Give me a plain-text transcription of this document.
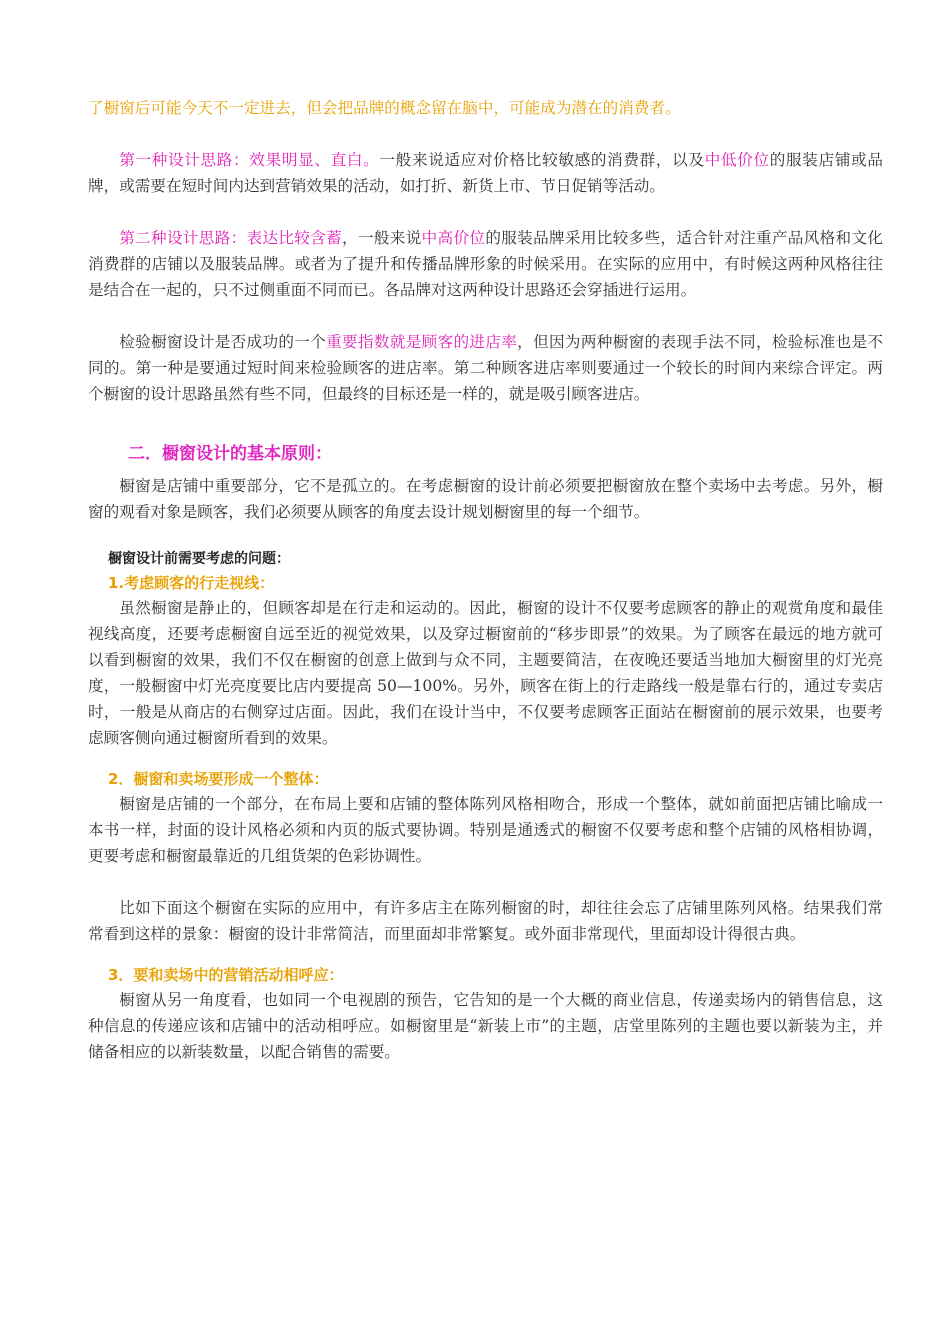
了橱窗后可能今天不一定进去，但会把品牌的概念留在脑中，可能成为潜在的消费者。

第一种设计思路：效果明显、直白。一般来说适应对价格比较敏感的消费群，以及中低价位的服装店铺或品牌，或需要在短时间内达到营销效果的活动，如打折、新货上市、节日促销等活动。

第二种设计思路：表达比较含蓄，一般来说中高价位的服装品牌采用比较多些，适合针对注重产品风格和文化消费群的店铺以及服装品牌。或者为了提升和传播品牌形象的时候采用。在实际的应用中，有时候这两种风格往往是结合在一起的，只不过侧重面不同而已。各品牌对这两种设计思路还会穿插进行运用。

检验橱窗设计是否成功的一个重要指数就是顾客的进店率，但因为两种橱窗的表现手法不同，检验标准也是不同的。第一种是要通过短时间来检验顾客的进店率。第二种顾客进店率则要通过一个较长的时间内来综合评定。两个橱窗的设计思路虽然有些不同，但最终的目标还是一样的，就是吸引顾客进店。

二．橱窗设计的基本原则：

橱窗是店铺中重要部分，它不是孤立的。在考虑橱窗的设计前必须要把橱窗放在整个卖场中去考虑。另外，橱窗的观看对象是顾客，我们必须要从顾客的角度去设计规划橱窗里的每一个细节。

橱窗设计前需要考虑的问题：

1.考虑顾客的行走视线：

虽然橱窗是静止的，但顾客却是在行走和运动的。因此，橱窗的设计不仅要考虑顾客的静止的观赏角度和最佳视线高度，还要考虑橱窗自远至近的视觉效果，以及穿过橱窗前的“移步即景”的效果。为了顾客在最远的地方就可以看到橱窗的效果，我们不仅在橱窗的创意上做到与众不同，主题要简洁，在夜晚还要适当地加大橱窗里的灯光亮度，一般橱窗中灯光亮度要比店内要提高 50—100%。另外，顾客在街上的行走路线一般是靠右行的，通过专卖店时，一般是从商店的右侧穿过店面。因此，我们在设计当中，不仅要考虑顾客正面站在橱窗前的展示效果，也要考虑顾客侧向通过橱窗所看到的效果。

2．橱窗和卖场要形成一个整体：

橱窗是店铺的一个部分，在布局上要和店铺的整体陈列风格相吻合，形成一个整体，就如前面把店铺比喻成一本书一样，封面的设计风格必须和内页的版式要协调。特别是通透式的橱窗不仅要考虑和整个店铺的风格相协调，更要考虑和橱窗最靠近的几组货架的色彩协调性。

比如下面这个橱窗在实际的应用中，有许多店主在陈列橱窗的时，却往往会忘了店铺里陈列风格。结果我们常常看到这样的景象：橱窗的设计非常简洁，而里面却非常繁复。或外面非常现代，里面却设计得很古典。

3．要和卖场中的营销活动相呼应：

橱窗从另一角度看，也如同一个电视剧的预告，它告知的是一个大概的商业信息，传递卖场内的销售信息，这种信息的传递应该和店铺中的活动相呼应。如橱窗里是“新装上市”的主题，店堂里陈列的主题也要以新装为主，并储备相应的以新装数量，以配合销售的需要。
